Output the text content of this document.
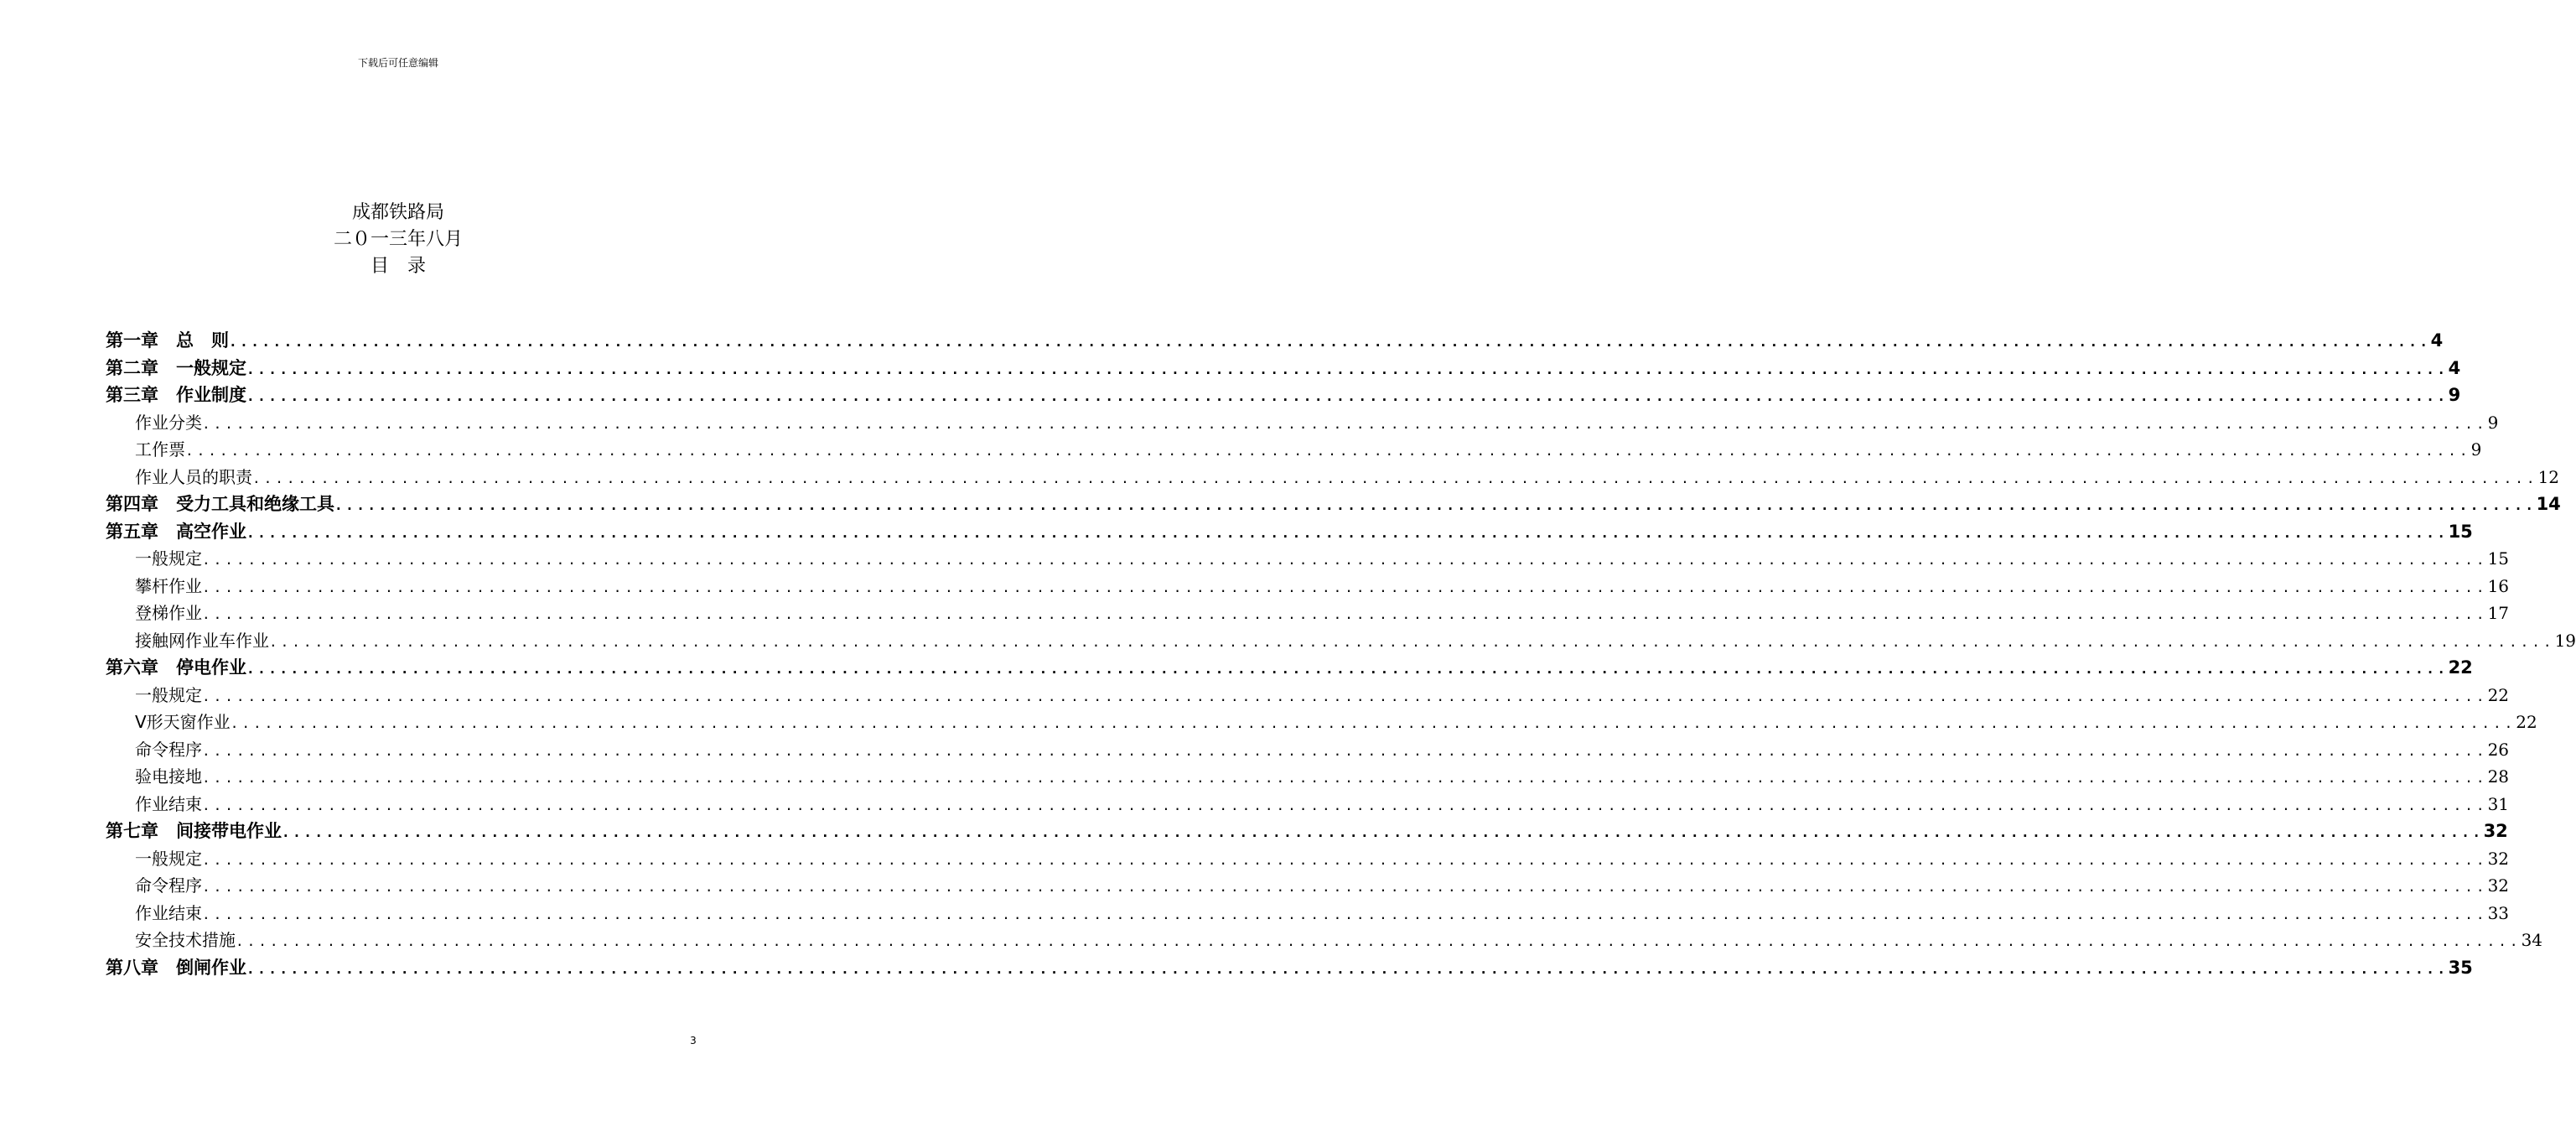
下载后可任意编辑
成都铁路局
二０一三年八月
目　录
第一章　总　则 ........................................................................................................................................................................................................ 4
第二章　一般规定 ........................................................................................................................................................................................................ 4
第三章　作业制度 ........................................................................................................................................................................................................ 9
作业分类 ........................................................................................................................................................................................................ 9
工作票 ........................................................................................................................................................................................................ 9
作业人员的职责 ........................................................................................................................................................................................................ 12
第四章　受力工具和绝缘工具 ........................................................................................................................................................................................................ 14
第五章　高空作业 ........................................................................................................................................................................................................ 15
一般规定 ........................................................................................................................................................................................................ 15
攀杆作业 ........................................................................................................................................................................................................ 16
登梯作业 ........................................................................................................................................................................................................ 17
接触网作业车作业 ........................................................................................................................................................................................................ 19
第六章　停电作业 ........................................................................................................................................................................................................ 22
一般规定 ........................................................................................................................................................................................................ 22
V形天窗作业 ........................................................................................................................................................................................................ 22
命令程序 ........................................................................................................................................................................................................ 26
验电接地 ........................................................................................................................................................................................................ 28
作业结束 ........................................................................................................................................................................................................ 31
第七章　间接带电作业 ........................................................................................................................................................................................................ 32
一般规定 ........................................................................................................................................................................................................ 32
命令程序 ........................................................................................................................................................................................................ 32
作业结束 ........................................................................................................................................................................................................ 33
安全技术措施 ........................................................................................................................................................................................................ 34
第八章　倒闸作业 ........................................................................................................................................................................................................ 35
3
